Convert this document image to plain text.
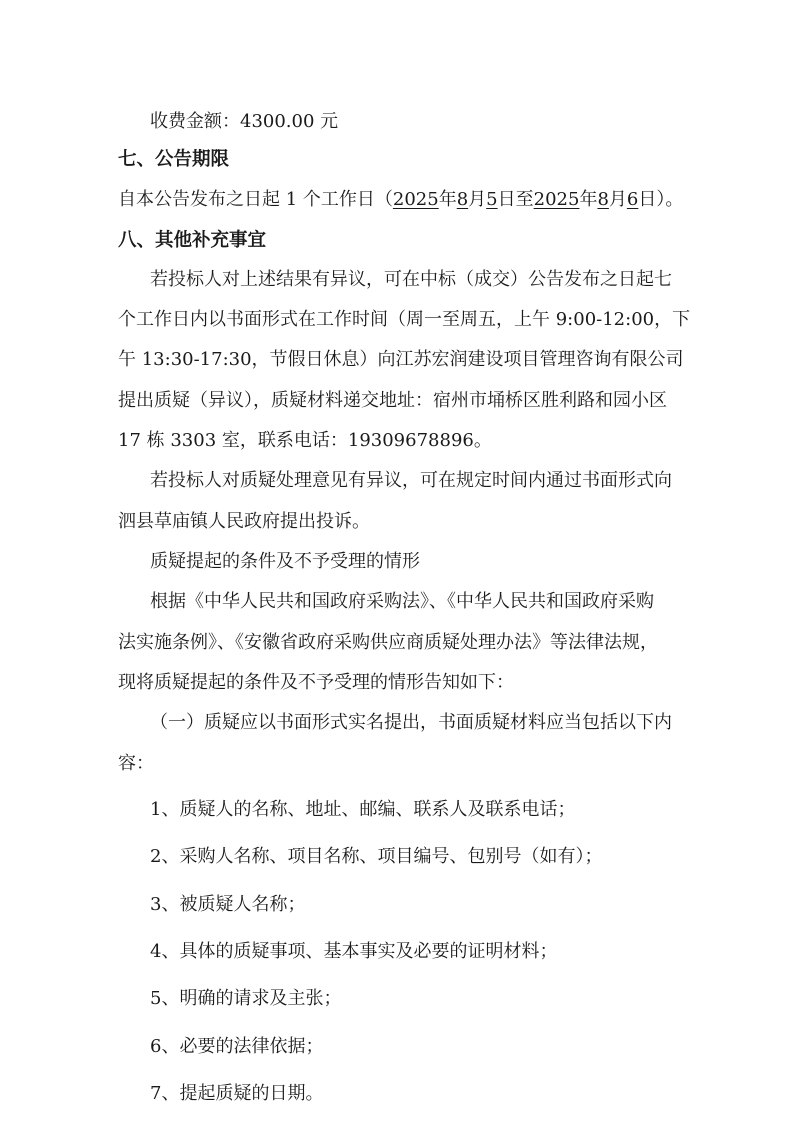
收费金额：4300.00 元
七、公告期限
自本公告发布之日起 1 个工作日（2025年8月5日至2025年8月6日）。
八、其他补充事宜
若投标人对上述结果有异议，可在中标（成交）公告发布之日起七
个工作日内以书面形式在工作时间（周一至周五，上午 9:00-12:00，下
午 13:30-17:30，节假日休息）向江苏宏润建设项目管理咨询有限公司
提出质疑（异议），质疑材料递交地址：宿州市埇桥区胜利路和园小区
17 栋 3303 室，联系电话：19309678896。
若投标人对质疑处理意见有异议，可在规定时间内通过书面形式向
泗县草庙镇人民政府提出投诉。
质疑提起的条件及不予受理的情形
根据《中华人民共和国政府采购法》、《中华人民共和国政府采购
法实施条例》、《安徽省政府采购供应商质疑处理办法》等法律法规，
现将质疑提起的条件及不予受理的情形告知如下：
（一）质疑应以书面形式实名提出，书面质疑材料应当包括以下内
容：
1、质疑人的名称、地址、邮编、联系人及联系电话；
2、采购人名称、项目名称、项目编号、包别号（如有）；
3、被质疑人名称；
4、具体的质疑事项、基本事实及必要的证明材料；
5、明确的请求及主张；
6、必要的法律依据；
7、提起质疑的日期。
